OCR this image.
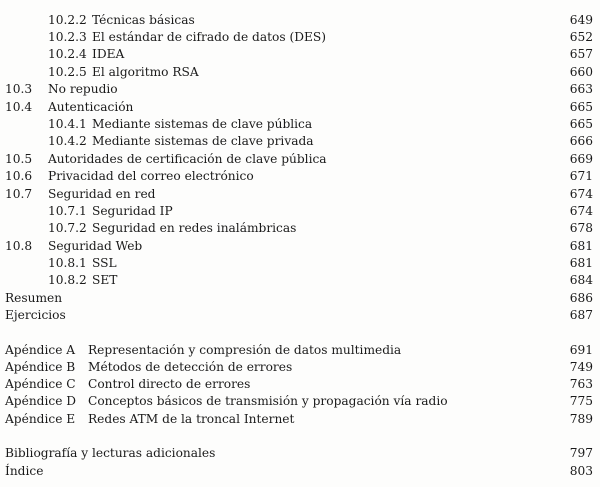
10.2.2 Técnicas básicas	649
10.2.3 El estándar de cifrado de datos (DES)	652
10.2.4 IDEA	657
10.2.5 El algoritmo RSA	660
10.3 No repudio	663
10.4 Autenticación	665
10.4.1 Mediante sistemas de clave pública	665
10.4.2 Mediante sistemas de clave privada	666
10.5 Autoridades de certificación de clave pública	669
10.6 Privacidad del correo electrónico	671
10.7 Seguridad en red	674
10.7.1 Seguridad IP	674
10.7.2 Seguridad en redes inalámbricas	678
10.8 Seguridad Web	681
10.8.1 SSL	681
10.8.2 SET	684
Resumen	686
Ejercicios	687
Apéndice A Representación y compresión de datos multimedia	691
Apéndice B Métodos de detección de errores	749
Apéndice C Control directo de errores	763
Apéndice D Conceptos básicos de transmisión y propagación vía radio	775
Apéndice E Redes ATM de la troncal Internet	789
Bibliografía y lecturas adicionales	797
Índice	803
